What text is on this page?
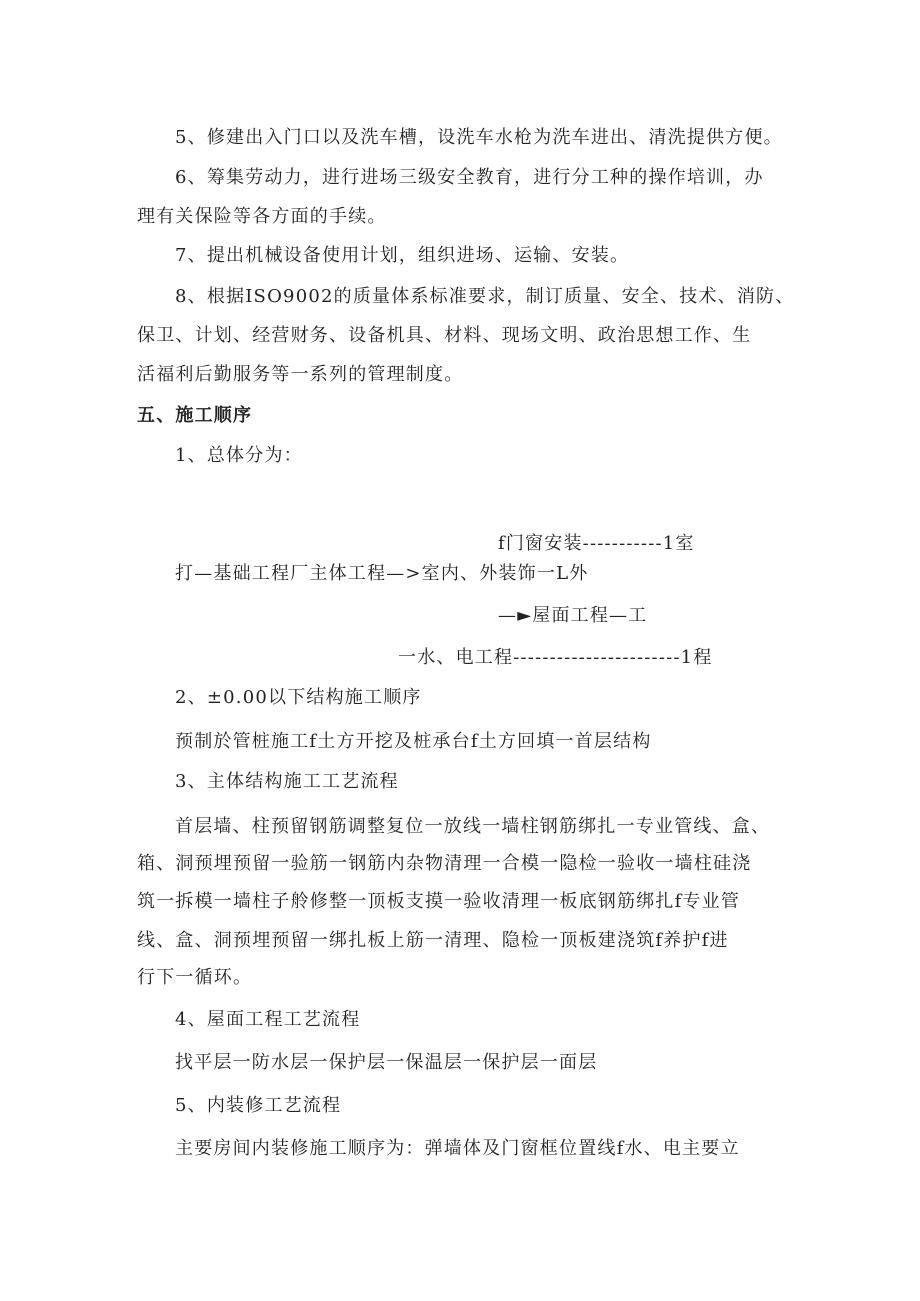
5、修建出入门口以及洗车槽，设洗车水枪为洗车进出、清洗提供方便。
6、筹集劳动力，进行进场三级安全教育，进行分工种的操作培训，办
理有关保险等各方面的手续。
7、提出机械设备使用计划，组织进场、运输、安装。
8、根据ISO9002的质量体系标准要求，制订质量、安全、技术、消防、
保卫、计划、经营财务、设备机具、材料、现场文明、政治思想工作、生
活福利后勤服务等一系列的管理制度。
五、施工顺序
1、总体分为：
f门窗安装-----------1室
打—基础工程厂主体工程—>室内、外装饰一L外
—►屋面工程—工
一水、电工程-----------------------1程
2、±0.00以下结构施工顺序
预制於管桩施工f土方开挖及桩承台f土方回填一首层结构
3、主体结构施工工艺流程
首层墙、柱预留钢筋调整复位一放线一墙柱钢筋绑扎一专业管线、盒、
箱、洞预埋预留一验筋一钢筋内杂物清理一合模一隐检一验收一墙柱硅浇
筑一拆模一墙柱子舲修整一顶板支摸一验收清理一板底钢筋绑扎f专业管
线、盒、洞预埋预留一绑扎板上筋一清理、隐检一顶板建浇筑f养护f进
行下一循环。
4、屋面工程工艺流程
找平层一防水层一保护层一保温层一保护层一面层
5、内装修工艺流程
主要房间内装修施工顺序为：弹墙体及门窗框位置线f水、电主要立
